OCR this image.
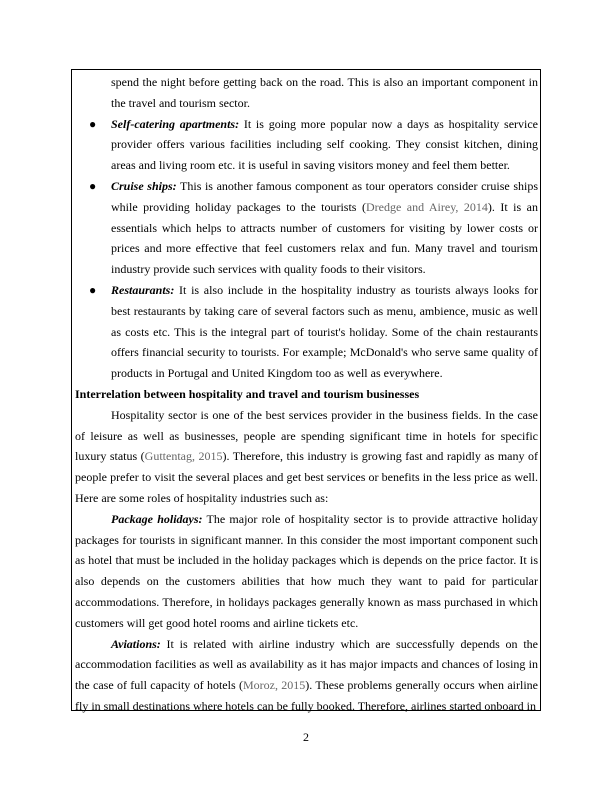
spend the night before getting back on the road. This is also an important component in the travel and tourism sector.

● Self-catering apartments: It is going more popular now a days as hospitality service provider offers various facilities including self cooking. They consist kitchen, dining areas and living room etc. it is useful in saving visitors money and feel them better.
● Cruise ships: This is another famous component as tour operators consider cruise ships while providing holiday packages to the tourists (Dredge and Airey, 2014). It is an essentials which helps to attracts number of customers for visiting by lower costs or prices and more effective that feel customers relax and fun. Many travel and tourism industry provide such services with quality foods to their visitors.
● Restaurants: It is also include in the hospitality industry as tourists always looks for best restaurants by taking care of several factors such as menu, ambience, music as well as costs etc. This is the integral part of tourist's holiday. Some of the chain restaurants offers financial security to tourists. For example; McDonald's who serve same quality of products in Portugal and United Kingdom too as well as everywhere.

Interrelation between hospitality and travel and tourism businesses

Hospitality sector is one of the best services provider in the business fields. In the case of leisure as well as businesses, people are spending significant time in hotels for specific luxury status (Guttentag, 2015). Therefore, this industry is growing fast and rapidly as many of people prefer to visit the several places and get best services or benefits in the less price as well. Here are some roles of hospitality industries such as:

Package holidays: The major role of hospitality sector is to provide attractive holiday packages for tourists in significant manner. In this consider the most important component such as hotel that must be included in the holiday packages which is depends on the price factor. It is also depends on the customers abilities that how much they want to paid for particular accommodations. Therefore, in holidays packages generally known as mass purchased in which customers will get good hotel rooms and airline tickets etc.

Aviations: It is related with airline industry which are successfully depends on the accommodation facilities as well as availability as it has major impacts and chances of losing in the case of full capacity of hotels (Moroz, 2015). These problems generally occurs when airline fly in small destinations where hotels can be fully booked. Therefore, airlines started onboard in

2
